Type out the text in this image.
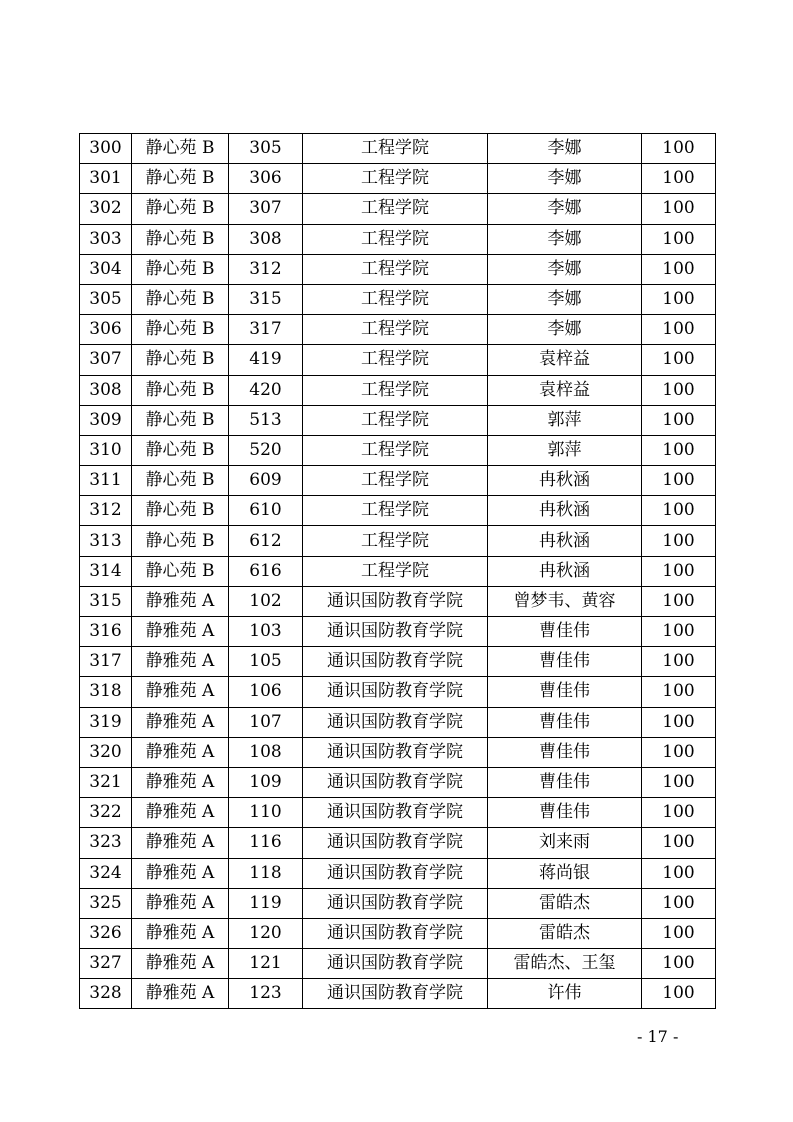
300	静心苑 B	305	工程学院	李娜	100
301	静心苑 B	306	工程学院	李娜	100
302	静心苑 B	307	工程学院	李娜	100
303	静心苑 B	308	工程学院	李娜	100
304	静心苑 B	312	工程学院	李娜	100
305	静心苑 B	315	工程学院	李娜	100
306	静心苑 B	317	工程学院	李娜	100
307	静心苑 B	419	工程学院	袁梓益	100
308	静心苑 B	420	工程学院	袁梓益	100
309	静心苑 B	513	工程学院	郭萍	100
310	静心苑 B	520	工程学院	郭萍	100
311	静心苑 B	609	工程学院	冉秋涵	100
312	静心苑 B	610	工程学院	冉秋涵	100
313	静心苑 B	612	工程学院	冉秋涵	100
314	静心苑 B	616	工程学院	冉秋涵	100
315	静雅苑 A	102	通识国防教育学院	曾梦韦、黄容	100
316	静雅苑 A	103	通识国防教育学院	曹佳伟	100
317	静雅苑 A	105	通识国防教育学院	曹佳伟	100
318	静雅苑 A	106	通识国防教育学院	曹佳伟	100
319	静雅苑 A	107	通识国防教育学院	曹佳伟	100
320	静雅苑 A	108	通识国防教育学院	曹佳伟	100
321	静雅苑 A	109	通识国防教育学院	曹佳伟	100
322	静雅苑 A	110	通识国防教育学院	曹佳伟	100
323	静雅苑 A	116	通识国防教育学院	刘来雨	100
324	静雅苑 A	118	通识国防教育学院	蒋尚银	100
325	静雅苑 A	119	通识国防教育学院	雷皓杰	100
326	静雅苑 A	120	通识国防教育学院	雷皓杰	100
327	静雅苑 A	121	通识国防教育学院	雷皓杰、王玺	100
328	静雅苑 A	123	通识国防教育学院	许伟	100
- 17 -
